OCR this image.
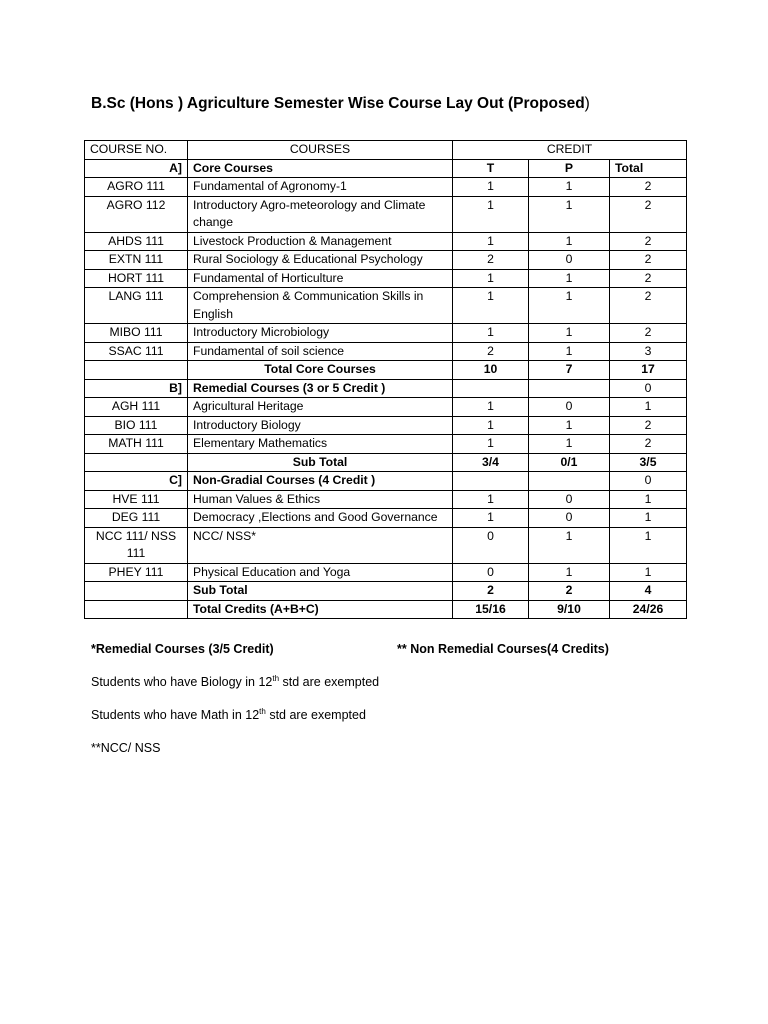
B.Sc (Hons ) Agriculture Semester Wise Course Lay Out (Proposed)
COURSE NO.	COURSES	CREDIT		
A]	Core Courses	T	P	Total
AGRO 111	Fundamental of Agronomy-1	1	1	2
AGRO 112	Introductory Agro-meteorology and Climate change	1	1	2
AHDS 111	Livestock Production & Management	1	1	2
EXTN 111	Rural Sociology & Educational Psychology	2	0	2
HORT 111	Fundamental of Horticulture	1	1	2
LANG 111	Comprehension & Communication Skills in English	1	1	2
MIBO 111	Introductory Microbiology	1	1	2
SSAC 111	Fundamental of soil science	2	1	3
	Total Core Courses	10	7	17
B]	Remedial Courses (3 or 5 Credit )			0
AGH 111	Agricultural Heritage	1	0	1
BIO 111	Introductory Biology	1	1	2
MATH 111	Elementary Mathematics	1	1	2
	Sub Total	3/4	0/1	3/5
C]	Non-Gradial Courses (4 Credit )			0
HVE 111	Human Values & Ethics	1	0	1
DEG 111	Democracy ,Elections and Good Governance	1	0	1
NCC 111/ NSS 111	NCC/ NSS*	0	1	1
PHEY 111	Physical Education and Yoga	0	1	1
	Sub Total	2	2	4
	Total Credits (A+B+C)	15/16	9/10	24/26
*Remedial Courses (3/5 Credit)	** Non Remedial Courses(4 Credits)
Students who have Biology in 12th std are exempted
Students who have Math in 12th std are exempted
**NCC/ NSS
